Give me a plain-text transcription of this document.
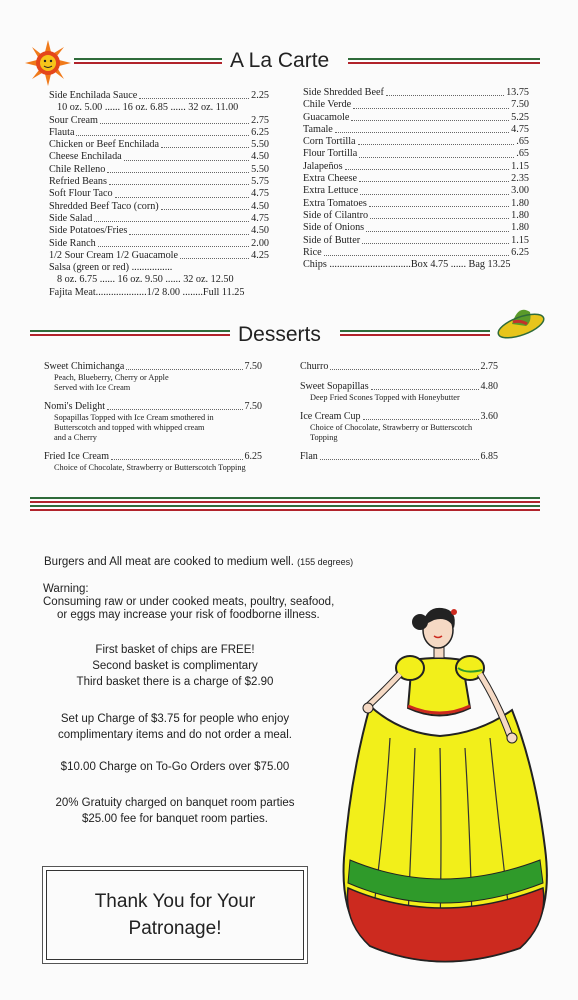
A La Carte
Side Enchilada Sauce	2.25
10 oz. 5.00 ...... 16 oz. 6.85 ...... 32 oz. 11.00
Sour Cream	2.75
Flauta	6.25
Chicken or Beef Enchilada	5.50
Cheese Enchilada	4.50
Chile Relleno	5.50
Refried Beans	5.75
Soft Flour Taco	4.75
Shredded Beef Taco (corn)	4.50
Side Salad	4.75
Side Potatoes/Fries	4.50
Side Ranch	2.00
1/2 Sour Cream 1/2 Guacamole	4.25
Salsa (green or red) ................
8 oz. 6.75 ...... 16 oz. 9.50 ...... 32 oz. 12.50
Fajita Meat....................1/2 8.00 ........Full 11.25
Side Shredded Beef	13.75
Chile Verde	7.50
Guacamole	5.25
Tamale	4.75
Corn Tortilla	.65
Flour Tortilla	.65
Jalapeños	1.15
Extra Cheese	2.35
Extra Lettuce	3.00
Extra Tomatoes	1.80
Side of Cilantro	1.80
Side of Onions	1.80
Side of Butter	1.15
Rice	6.25
Chips ................................Box 4.75 ...... Bag 13.25
Desserts
Sweet Chimichanga	7.50
Peach, Blueberry, Cherry or Apple
Served with Ice Cream
Nomi's Delight	7.50
Sopapillas Topped with Ice Cream smothered in
Butterscotch and topped with whipped cream
and a Cherry
Fried Ice Cream	6.25
Choice of Chocolate, Strawberry or Butterscotch Topping
Churro	2.75
Sweet Sopapillas	4.80
Deep Fried Scones Topped with Honeybutter
Ice Cream Cup	3.60
Choice of Chocolate, Strawberry or Butterscotch Topping
Flan	6.85
Burgers and All meat are cooked to medium well. (155 degrees)
Warning:
Consuming raw or under cooked meats, poultry, seafood,
or eggs may increase your risk of foodborne illness.
First basket of chips are FREE!
Second basket is complimentary
Third basket there is a charge of $2.90
Set up Charge of $3.75 for people who enjoy
complimentary items and do not order a meal.
$10.00 Charge on To-Go Orders over $75.00
20% Gratuity charged on banquet room parties
$25.00 fee for banquet room parties.
Thank You for Your
Patronage!
